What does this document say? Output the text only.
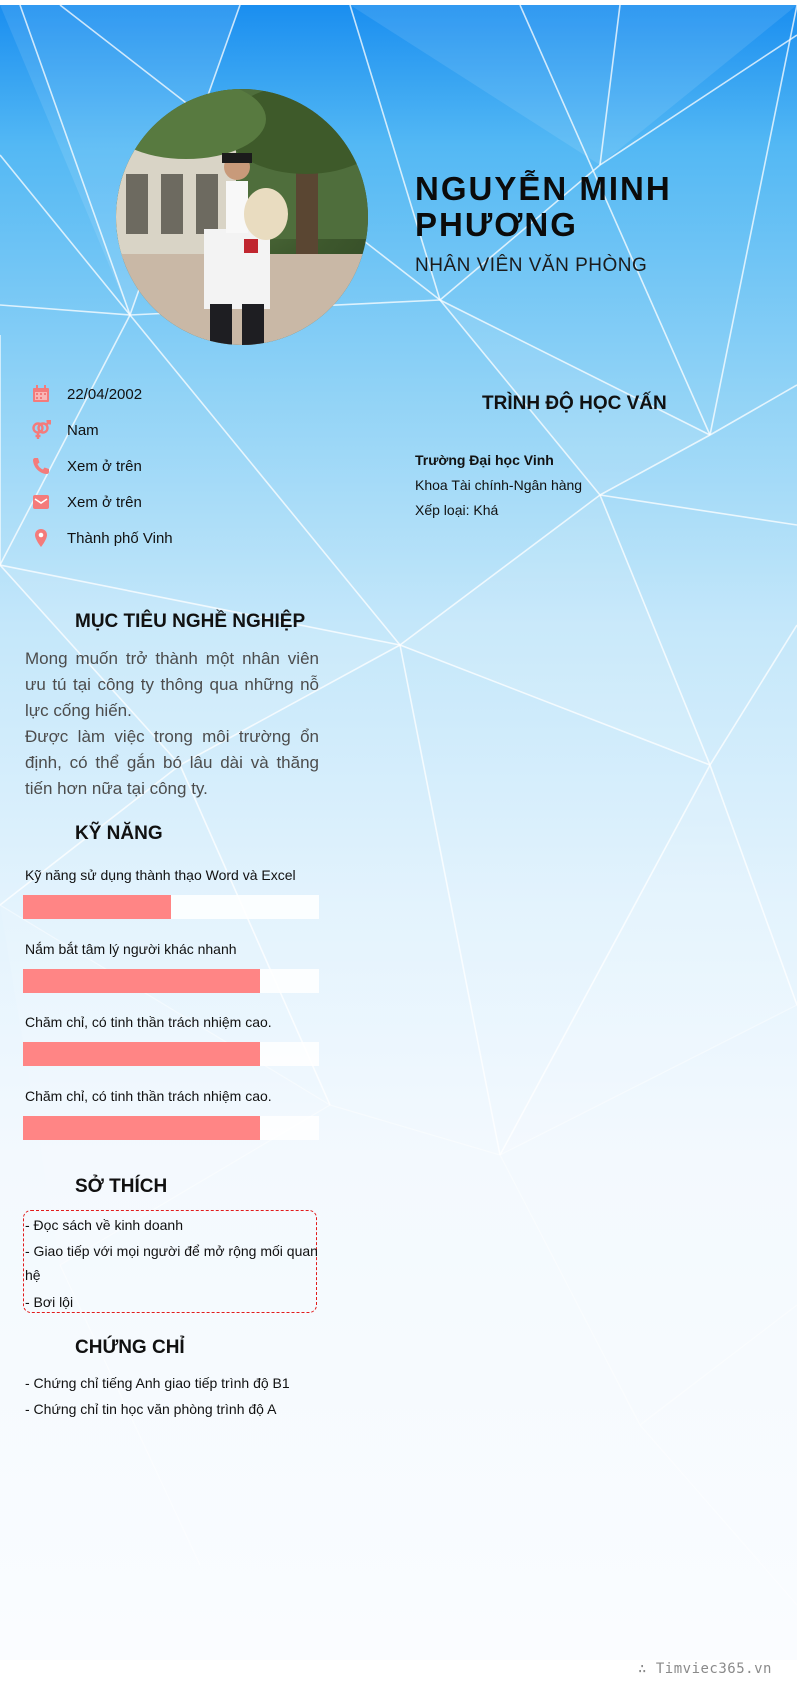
NGUYỄN MINH PHƯƠNG
NHÂN VIÊN VĂN PHÒNG
22/04/2002
Nam
Xem ở trên
Xem ở trên
Thành phố Vinh
TRÌNH ĐỘ HỌC VẤN
Trường Đại học Vinh
Khoa Tài chính-Ngân hàng
Xếp loại: Khá
MỤC TIÊU NGHỀ NGHIỆP

Mong muốn trở thành một nhân viên ưu tú tại công ty thông qua những nỗ lực cống hiến.

Được làm việc trong môi trường ổn định, có thể gắn bó lâu dài và thăng tiến hơn nữa tại công ty.

KỸ NĂNG
Kỹ năng sử dụng thành thạo Word và Excel
Nắm bắt tâm lý người khác nhanh
Chăm chỉ, có tinh thần trách nhiệm cao.
Chăm chỉ, có tinh thần trách nhiệm cao.
SỞ THÍCH
- Đọc sách về kinh doanh
- Giao tiếp với mọi người để mở rộng mối quan hệ
- Bơi lội
CHỨNG CHỈ
- Chứng chỉ tiếng Anh giao tiếp trình độ B1
- Chứng chỉ tin học văn phòng trình độ A
∴ Timviec365.vn
